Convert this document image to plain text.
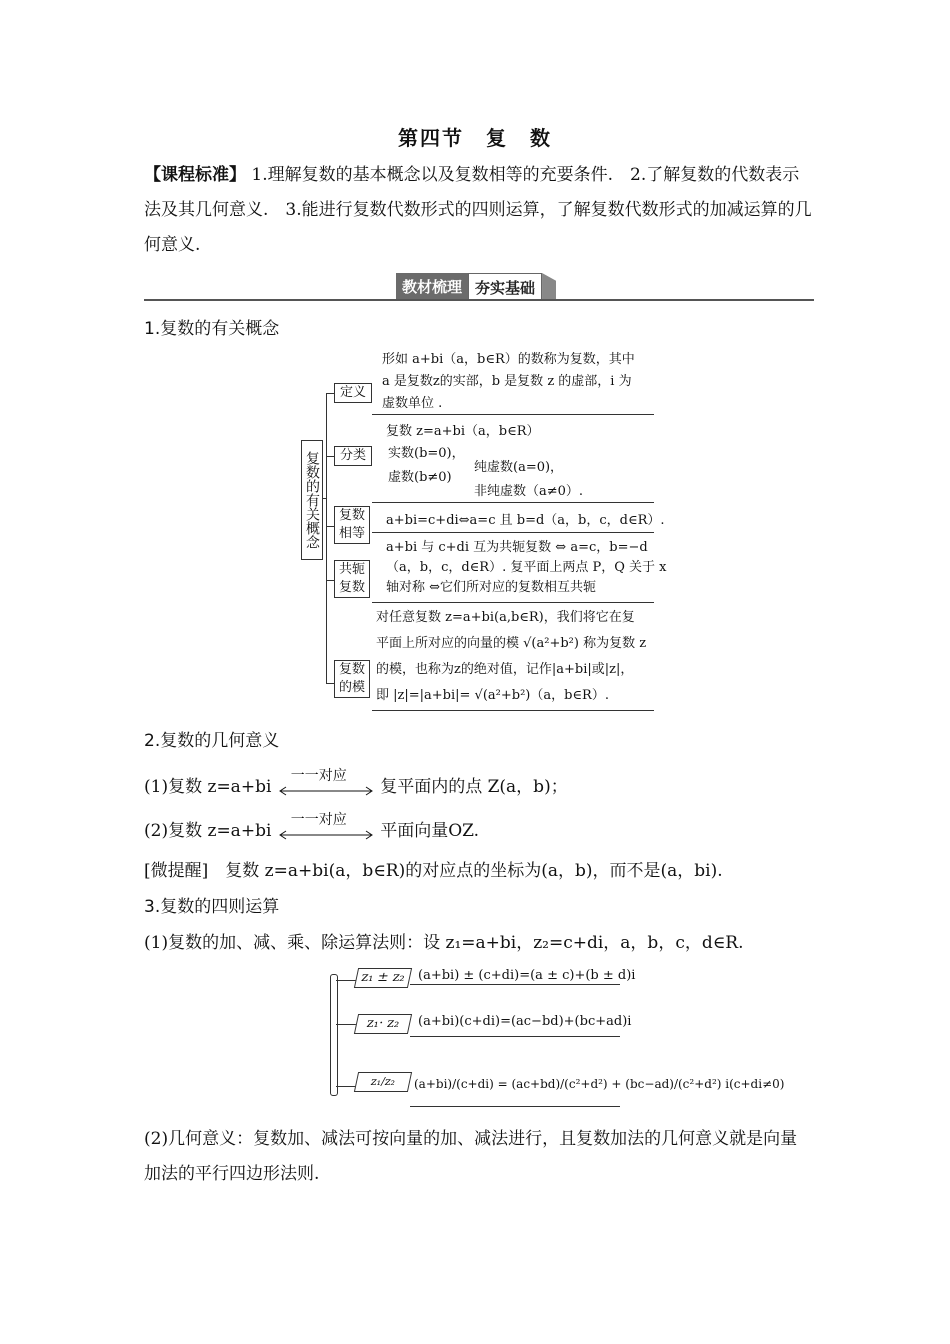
第四节　复　数
【课程标准】 1.理解复数的基本概念以及复数相等的充要条件.　2.了解复数的代数表示法及其几何意义.　3.能进行复数代数形式的四则运算，了解复数代数形式的加减运算的几何意义.
教材梳理 夯实基础
1.复数的有关概念
复数的有关概念
定义
形如 a+bi（a，b∈R）的数称为复数，其中
a 是复数z的实部，b 是复数 z 的虚部，i 为
虚数单位 .
分类
复数 z=a+bi（a，b∈R）
实数(b=0)，
虚数(b≠0)
纯虚数(a=0)，
非纯虚数（a≠0）.
复数相等
a+bi=c+di⇔a=c 且 b=d（a，b，c，d∈R）.
共轭复数
a+bi 与 c+di 互为共轭复数 ⇔ a=c，b=−d
（a，b，c，d∈R）. 复平面上两点 P，Q 关于 x
轴对称 ⇔它们所对应的复数相互共轭
复数的模
对任意复数 z=a+bi(a,b∈R)，我们将它在复
平面上所对应的向量的模 √(a²+b²) 称为复数 z
的模，也称为z的绝对值，记作|a+bi|或|z|，
即 |z|=|a+bi|= √(a²+b²)（a，b∈R）.
2.复数的几何意义
(1)复数 z=a+bi
一一对应
复平面内的点 Z(a，b)；
(2)复数 z=a+bi
一一对应
平面向量OZ.
[微提醒]　复数 z=a+bi(a，b∈R)的对应点的坐标为(a，b)，而不是(a，bi).
3.复数的四则运算
(1)复数的加、减、乘、除运算法则：设 z₁=a+bi，z₂=c+di，a，b，c，d∈R.
z₁ ± z₂ (a+bi) ± (c+di)=(a ± c)+(b ± d)i
z₁· z₂	(a+bi)(c+di)=(ac−bd)+(bc+ad)i
z₁/z₂	(a+bi)/(c+di) = (ac+bd)/(c²+d²) + (bc−ad)/(c²+d²) i(c+di≠0)
(2)几何意义：复数加、减法可按向量的加、减法进行，且复数加法的几何意义就是向量加法的平行四边形法则.
